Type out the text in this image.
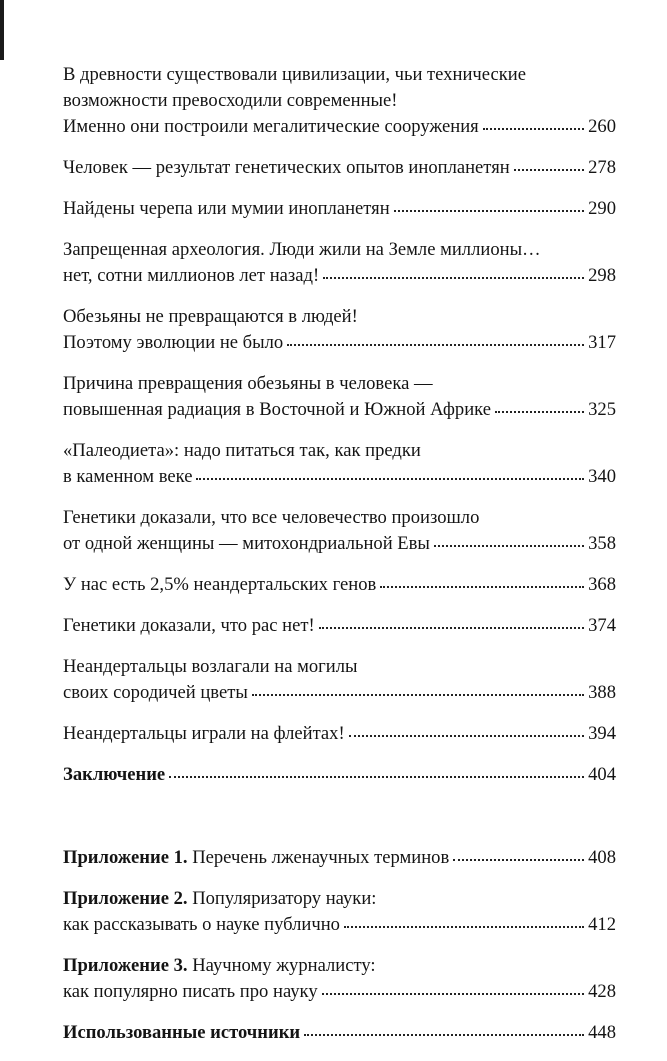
В древности существовали цивилизации, чьи технические
возможности превосходили современные!
Именно они построили мегалитические сооружения	260
Человек — результат генетических опытов инопланетян	278
Найдены черепа или мумии инопланетян	290
Запрещенная археология. Люди жили на Земле миллионы…
нет, сотни миллионов лет назад!	298
Обезьяны не превращаются в людей!
Поэтому эволюции не было	317
Причина превращения обезьяны в человека —
повышенная радиация в Восточной и Южной Африке	325
«Палеодиета»: надо питаться так, как предки
в каменном веке	340
Генетики доказали, что все человечество произошло
от одной женщины — митохондриальной Евы	358
У нас есть 2,5% неандертальских генов	368
Генетики доказали, что рас нет!	374
Неандертальцы возлагали на могилы
своих сородичей цветы	388
Неандертальцы играли на флейтах!	394
Заключение	404
Приложение 1. Перечень лженаучных терминов	408
Приложение 2. Популяризатору науки:
как рассказывать о науке публично	412
Приложение 3. Научному журналисту:
как популярно писать про науку	428
Использованные источники	448
